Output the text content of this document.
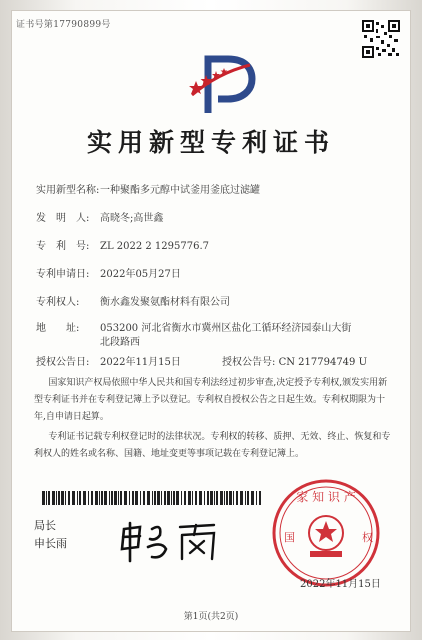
证书号第17790899号
实用新型专利证书
实用新型名称:一种聚酯多元醇中试釜用釜底过滤罐
发　明　人: 高晓冬;高世鑫
专　利　号: ZL 2022 2 1295776.7
专利申请日: 2022年05月27日
专利权人: 衡水鑫发聚氨酯材料有限公司
地　　址: 053200 河北省衡水市冀州区盐化工循环经济园泰山大街
北段路西
授权公告日: 2022年11月15日	授权公告号: CN 217794749 U
国家知识产权局依照中华人民共和国专利法经过初步审查,决定授予专利权,颁发实用新型专利证书并在专利登记簿上予以登记。专利权自授权公告之日起生效。专利权期限为十年,自申请日起算。
专利证书记载专利权登记时的法律状况。专利权的转移、质押、无效、终止、恢复和专利权人的姓名或名称、国籍、地址变更等事项记载在专利登记簿上。
局长
申长雨
家 知 识 产
国	权
2022年11月15日
第1页(共2页)
